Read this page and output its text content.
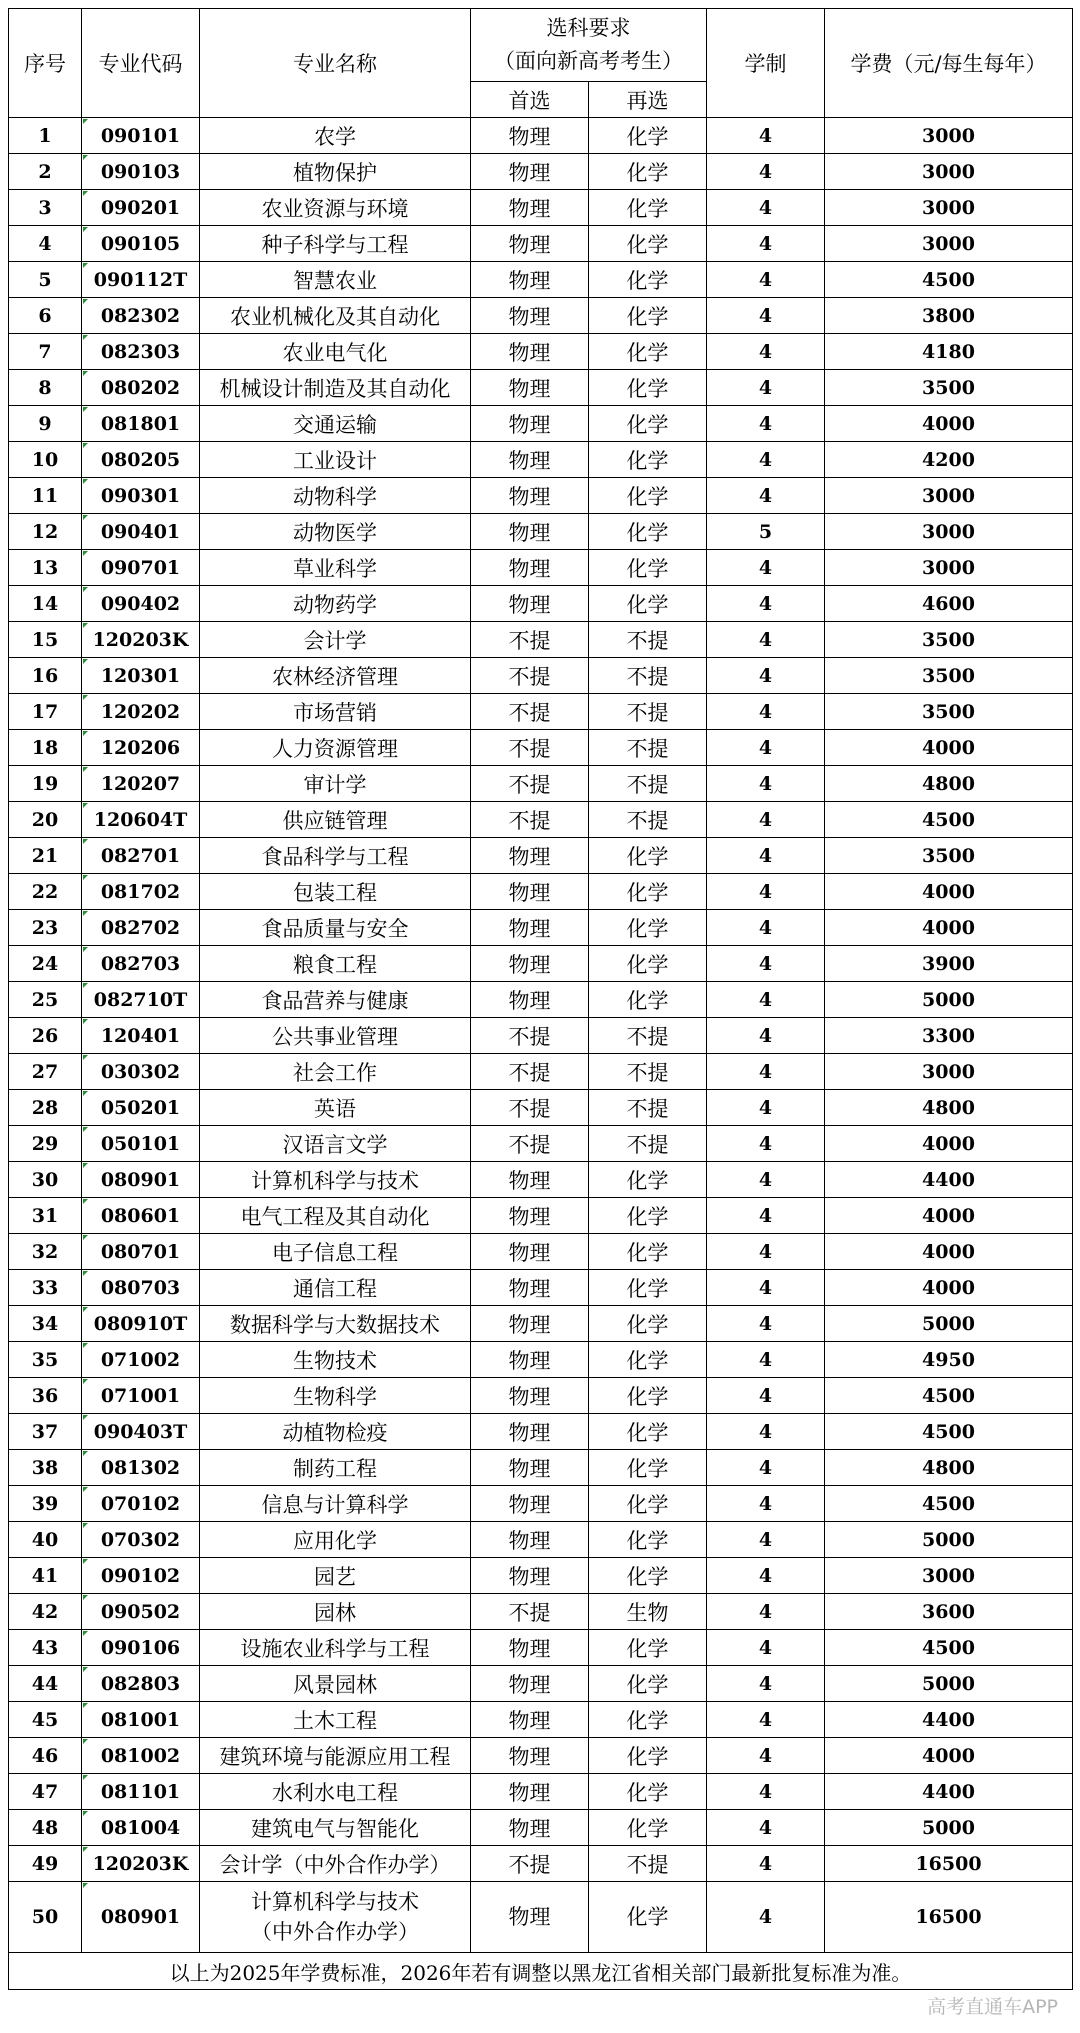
序号	专业代码	专业名称	选科要求
（面向新高考考生）		学制	学费（元/每生每年）
			首选	再选		
1	090101	农学	物理	化学	4	3000
2	090103	植物保护	物理	化学	4	3000
3	090201	农业资源与环境	物理	化学	4	3000
4	090105	种子科学与工程	物理	化学	4	3000
5	090112T	智慧农业	物理	化学	4	4500
6	082302	农业机械化及其自动化	物理	化学	4	3800
7	082303	农业电气化	物理	化学	4	4180
8	080202	机械设计制造及其自动化	物理	化学	4	3500
9	081801	交通运输	物理	化学	4	4000
10	080205	工业设计	物理	化学	4	4200
11	090301	动物科学	物理	化学	4	3000
12	090401	动物医学	物理	化学	5	3000
13	090701	草业科学	物理	化学	4	3000
14	090402	动物药学	物理	化学	4	4600
15	120203K	会计学	不提	不提	4	3500
16	120301	农林经济管理	不提	不提	4	3500
17	120202	市场营销	不提	不提	4	3500
18	120206	人力资源管理	不提	不提	4	4000
19	120207	审计学	不提	不提	4	4800
20	120604T	供应链管理	不提	不提	4	4500
21	082701	食品科学与工程	物理	化学	4	3500
22	081702	包装工程	物理	化学	4	4000
23	082702	食品质量与安全	物理	化学	4	4000
24	082703	粮食工程	物理	化学	4	3900
25	082710T	食品营养与健康	物理	化学	4	5000
26	120401	公共事业管理	不提	不提	4	3300
27	030302	社会工作	不提	不提	4	3000
28	050201	英语	不提	不提	4	4800
29	050101	汉语言文学	不提	不提	4	4000
30	080901	计算机科学与技术	物理	化学	4	4400
31	080601	电气工程及其自动化	物理	化学	4	4000
32	080701	电子信息工程	物理	化学	4	4000
33	080703	通信工程	物理	化学	4	4000
34	080910T	数据科学与大数据技术	物理	化学	4	5000
35	071002	生物技术	物理	化学	4	4950
36	071001	生物科学	物理	化学	4	4500
37	090403T	动植物检疫	物理	化学	4	4500
38	081302	制药工程	物理	化学	4	4800
39	070102	信息与计算科学	物理	化学	4	4500
40	070302	应用化学	物理	化学	4	5000
41	090102	园艺	物理	化学	4	3000
42	090502	园林	不提	生物	4	3600
43	090106	设施农业科学与工程	物理	化学	4	4500
44	082803	风景园林	物理	化学	4	5000
45	081001	土木工程	物理	化学	4	4400
46	081002	建筑环境与能源应用工程	物理	化学	4	4000
47	081101	水利水电工程	物理	化学	4	4400
48	081004	建筑电气与智能化	物理	化学	4	5000
49	120203K	会计学（中外合作办学）	不提	不提	4	16500
50	080901	计算机科学与技术
（中外合作办学）	物理	化学	4	16500
以上为2025年学费标准，2026年若有调整以黑龙江省相关部门最新批复标准为准。						
高考直通车APP
